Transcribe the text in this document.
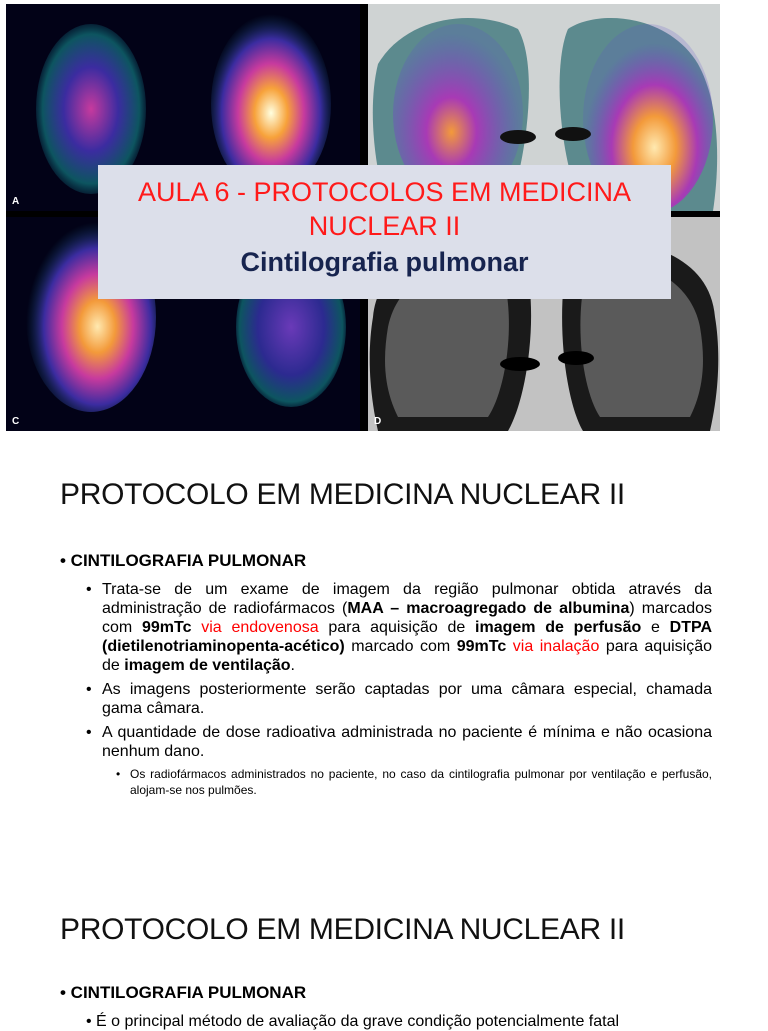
A
C	D
AULA 6 - PROTOCOLOS EM MEDICINA
NUCLEAR II
Cintilografia pulmonar
PROTOCOLO EM MEDICINA NUCLEAR II
• CINTILOGRAFIA PULMONAR
• Trata-se de um exame de imagem da região pulmonar obtida através da administração de radiofármacos (MAA – macroagregado de albumina) marcados com 99mTc via endovenosa para aquisição de imagem de perfusão e DTPA (dietilenotriaminopenta-acético) marcado com 99mTc via inalação para aquisição de imagem de ventilação.
• As imagens posteriormente serão captadas por uma câmara especial, chamada gama câmara.
• A quantidade de dose radioativa administrada no paciente é mínima e não ocasiona nenhum dano.
• Os radiofármacos administrados no paciente, no caso da cintilografia pulmonar por ventilação e perfusão, alojam-se nos pulmões.
PROTOCOLO EM MEDICINA NUCLEAR II
• CINTILOGRAFIA PULMONAR
• É o principal método de avaliação da grave condição potencialmente fatal
